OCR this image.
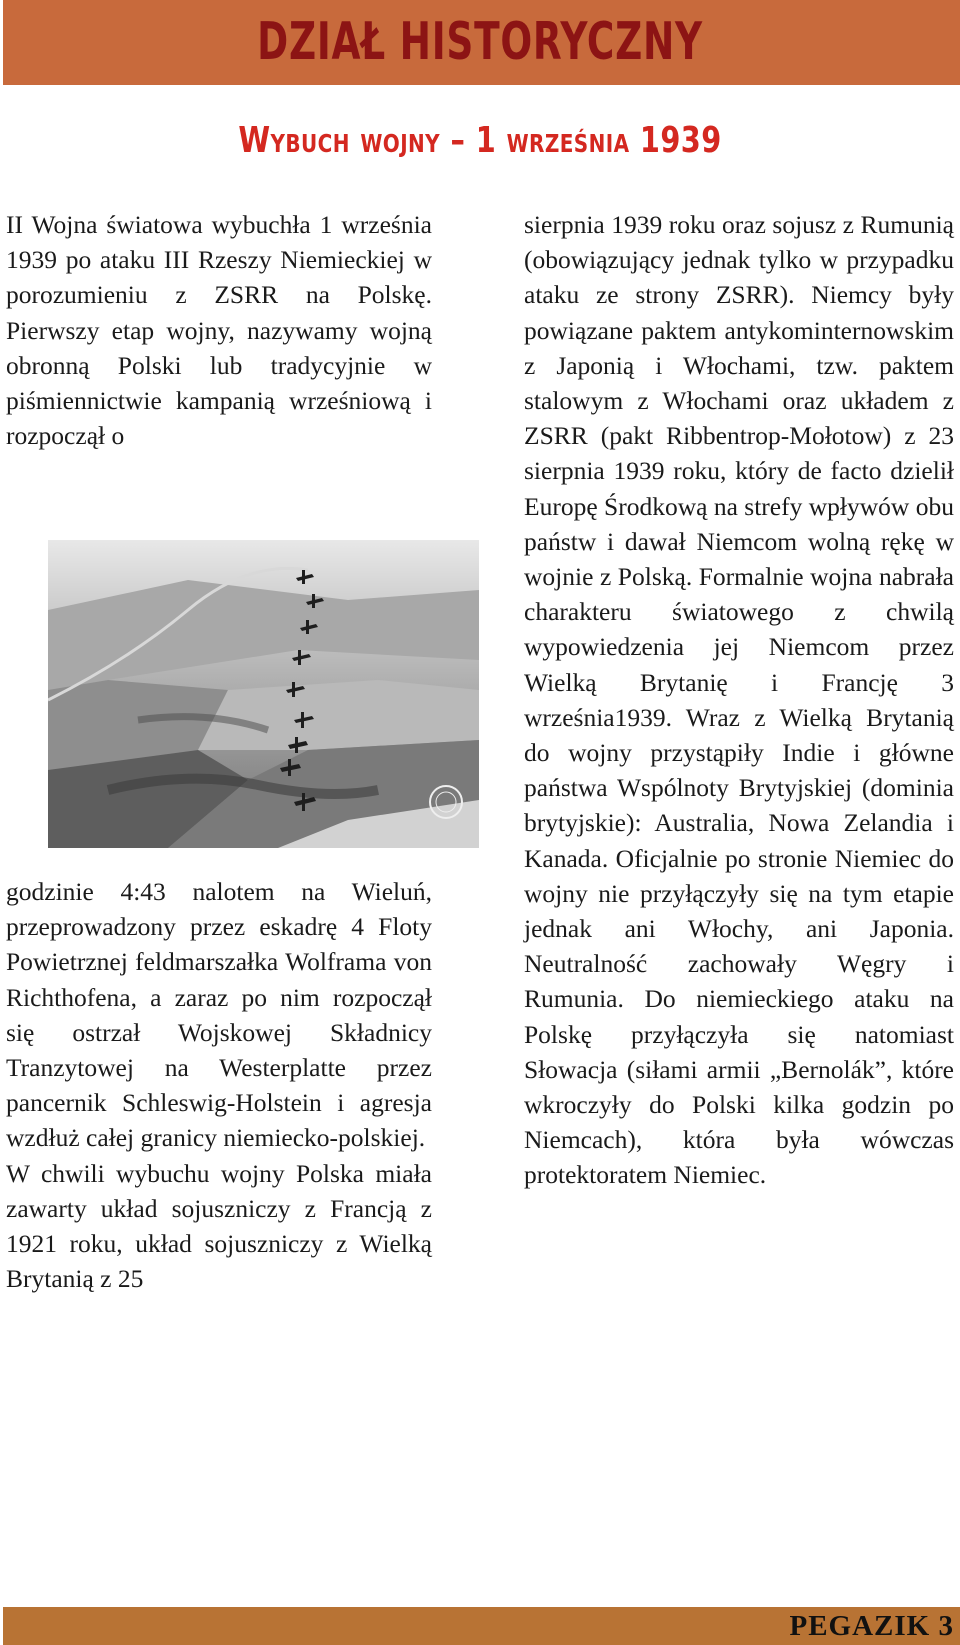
DZIAŁ HISTORYCZNY
Wybuch wojny – 1 września 1939

II Wojna światowa wybuchła 1 września 1939 po ataku III Rzeszy Niemieckiej w porozumieniu z ZSRR na Polskę. Pierwszy etap wojny, nazywamy wojną obronną Polski lub tradycyjnie w piśmiennictwie kampanią wrześniową i rozpoczął o

godzinie 4:43 nalotem na Wieluń, przeprowadzony przez eskadrę 4 Floty Powietrznej feldmarszałka Wolframa von Richthofena, a zaraz po nim rozpoczął się ostrzał Wojskowej Składnicy Tranzytowej na Westerplatte przez pancernik Schleswig-Holstein i agresja wzdłuż całej granicy niemiecko-polskiej.

W chwili wybuchu wojny Polska miała zawarty układ sojuszniczy z Francją z 1921 roku, układ sojuszniczy z Wielką Brytanią z 25

sierpnia 1939 roku oraz sojusz z Rumunią (obowiązujący jednak tylko w przypadku ataku ze strony ZSRR). Niemcy były powiązane paktem antykominternowskim z Japonią i Włochami, tzw. paktem stalowym z Włochami oraz układem z ZSRR (pakt Ribbentrop-Mołotow) z 23 sierpnia 1939 roku, który de facto dzielił Europę Środkową na strefy wpływów obu państw i dawał Niemcom wolną rękę w wojnie z Polską. Formalnie wojna nabrała charakteru światowego z chwilą wypowiedzenia jej Niemcom przez Wielką Brytanię i Francję 3 września1939. Wraz z Wielką Brytanią do wojny przystąpiły Indie i główne państwa Wspólnoty Brytyjskiej (dominia brytyjskie): Australia, Nowa Zelandia i Kanada. Oficjalnie po stronie Niemiec do wojny nie przyłączyły się na tym etapie jednak ani Włochy, ani Japonia. Neutralność zachowały Węgry i Rumunia. Do niemieckiego ataku na Polskę przyłączyła się natomiast Słowacja (siłami armii „Bernolák”, które wkroczyły do Polski kilka godzin po Niemcach), która była wówczas protektoratem Niemiec.

PEGAZIK 3
